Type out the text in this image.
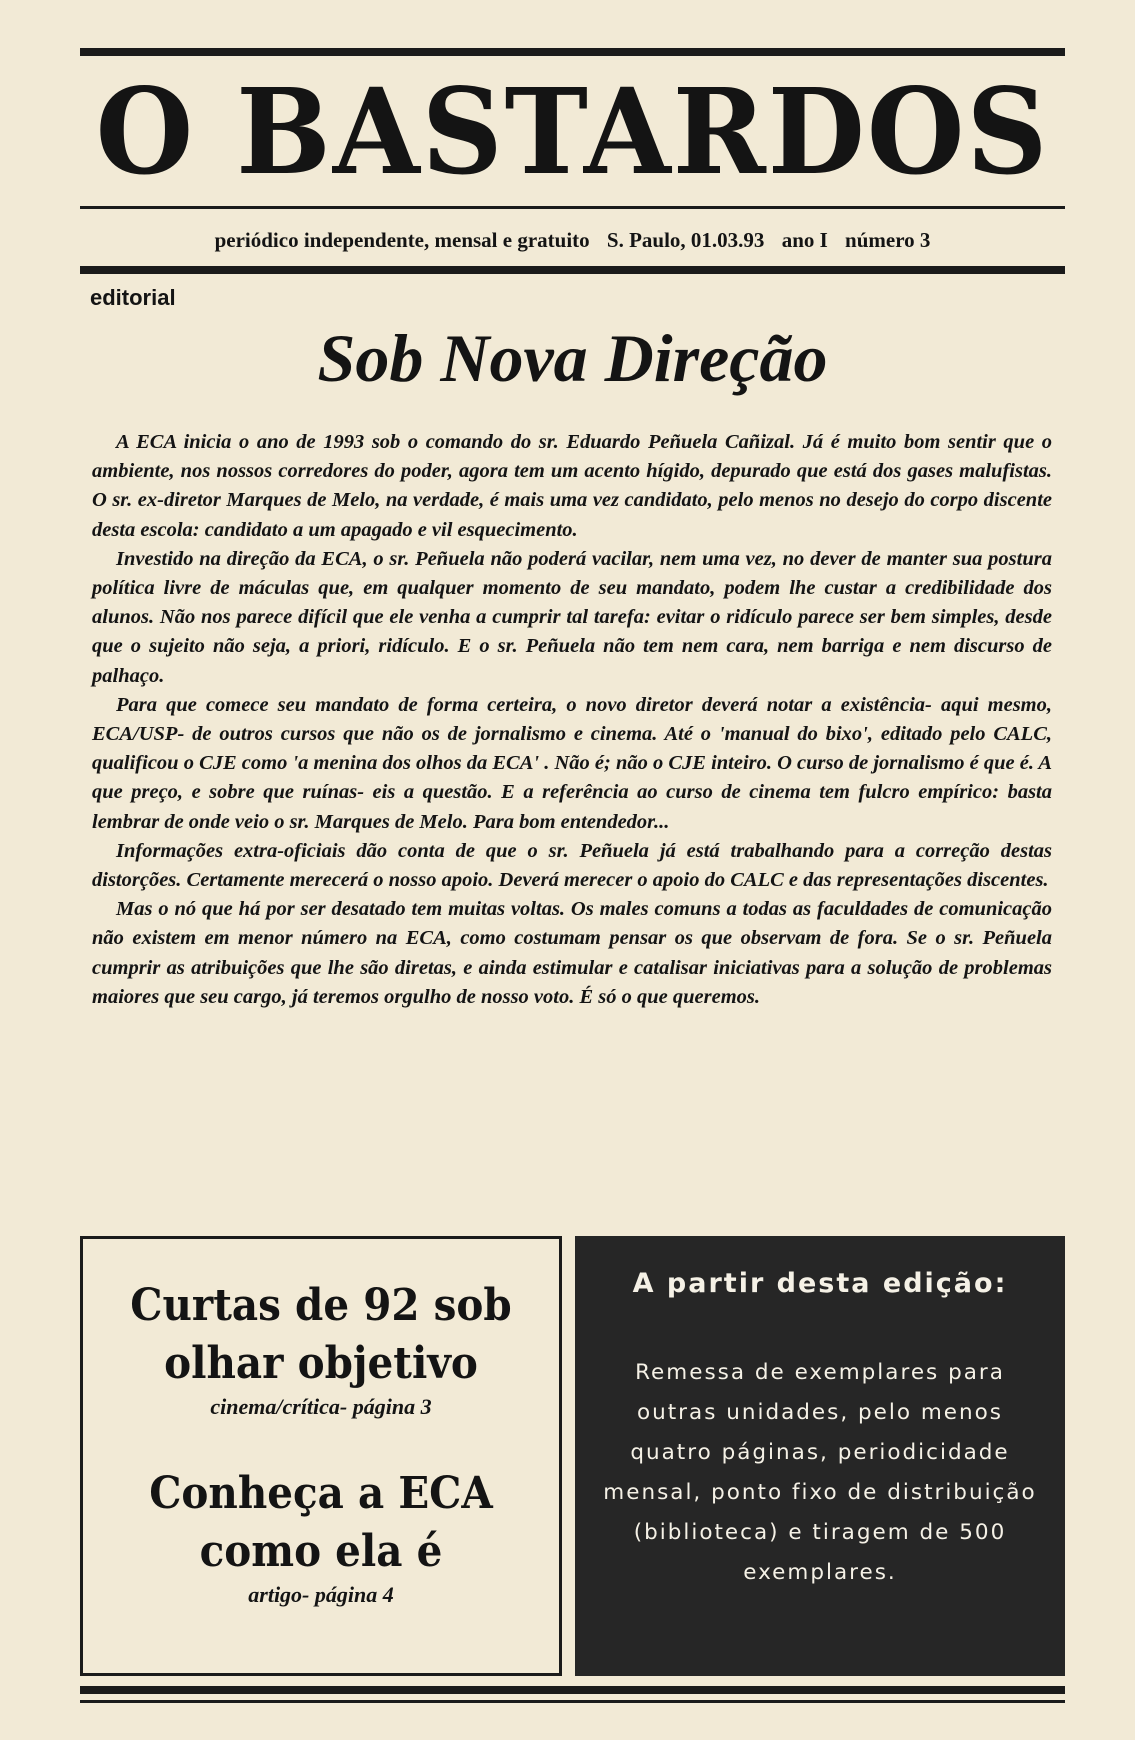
O BASTARDOS
periódico independente, mensal e gratuito S. Paulo, 01.03.93 ano I número 3
editorial
Sob Nova Direção

A ECA inicia o ano de 1993 sob o comando do sr. Eduardo Peñuela Cañizal. Já é muito bom sentir que o ambiente, nos nossos corredores do poder, agora tem um acento hígido, depurado que está dos gases malufistas. O sr. ex-diretor Marques de Melo, na verdade, é mais uma vez candidato, pelo menos no desejo do corpo discente desta escola: candidato a um apagado e vil esquecimento.

Investido na direção da ECA, o sr. Peñuela não poderá vacilar, nem uma vez, no dever de manter sua postura política livre de máculas que, em qualquer momento de seu mandato, podem lhe custar a credibilidade dos alunos. Não nos parece difícil que ele venha a cumprir tal tarefa: evitar o ridículo parece ser bem simples, desde que o sujeito não seja, a priori, ridículo. E o sr. Peñuela não tem nem cara, nem barriga e nem discurso de palhaço.

Para que comece seu mandato de forma certeira, o novo diretor deverá notar a existência- aqui mesmo, ECA/USP- de outros cursos que não os de jornalismo e cinema. Até o 'manual do bixo', editado pelo CALC, qualificou o CJE como 'a menina dos olhos da ECA' . Não é; não o CJE inteiro. O curso de jornalismo é que é. A que preço, e sobre que ruínas- eis a questão. E a referência ao curso de cinema tem fulcro empírico: basta lembrar de onde veio o sr. Marques de Melo. Para bom entendedor...

Informações extra-oficiais dão conta de que o sr. Peñuela já está trabalhando para a correção destas distorções. Certamente merecerá o nosso apoio. Deverá merecer o apoio do CALC e das representações discentes.

Mas o nó que há por ser desatado tem muitas voltas. Os males comuns a todas as faculdades de comunicação não existem em menor número na ECA, como costumam pensar os que observam de fora. Se o sr. Peñuela cumprir as atribuições que lhe são diretas, e ainda estimular e catalisar iniciativas para a solução de problemas maiores que seu cargo, já teremos orgulho de nosso voto. É só o que queremos.

Curtas de 92 sob

olhar objetivo

cinema/crítica- página 3

Conheça a ECA

como ela é

artigo- página 4

A partir desta edição:
Remessa de exemplares para outras unidades, pelo menos quatro páginas, periodicidade mensal, ponto fixo de distribuição (biblioteca) e tiragem de 500 exemplares.
